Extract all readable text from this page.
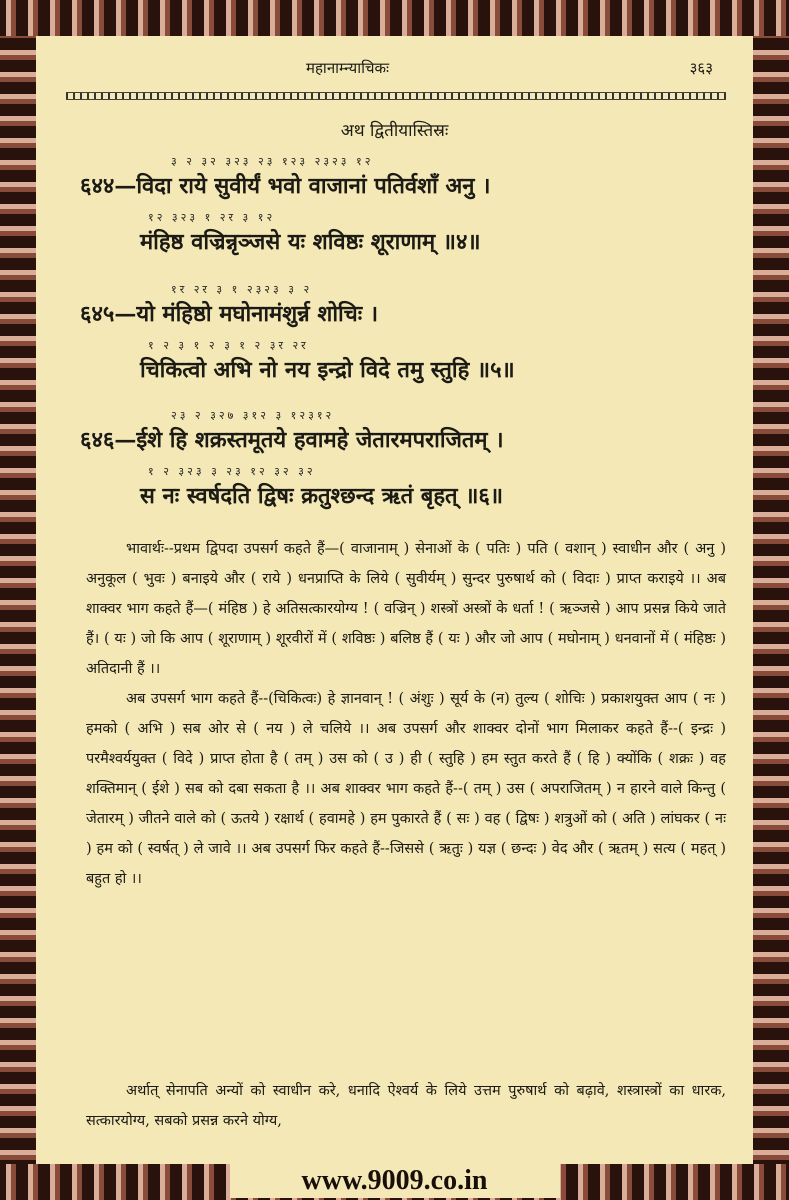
महानाम्न्याचिकः	३६३
अथ द्वितीयास्तिस्रः
३ २ ३२ ३२३ २३ १२३ २३२३ १२
६४४—विदा राये सुवीर्यं भवो वाजानां पतिर्वशाँ अनु ।
१२ ३२३ १ २र ३ १२
मंहिष्ठ वज्रिन्नृञ्जसे यः शविष्ठः शूराणाम् ॥४॥
१र २र ३ १ २३२३ ३ २
६४५—यो मंहिष्ठो मघोनामंशुर्न्न शोचिः ।
१ २ ३ १ २ ३ १ २ ३र २र
चिकित्वो अभि नो नय इन्द्रो विदे तमु स्तुहि ॥५॥
२३ २ ३२७ ३१२ ३ १२३१२
६४६—ईशे हि शक्रस्तमूतये हवामहे जेतारमपराजितम् ।
१ २ ३२३ ३ २३ १२ ३२ ३२
स नः स्वर्षदति द्विषः क्रतुश्छन्द ऋतं बृहत् ॥६॥

भावार्थः--प्रथम द्विपदा उपसर्ग कहते हैं—( वाजानाम् ) सेनाओं के ( पतिः ) पति ( वशान् ) स्वाधीन और ( अनु ) अनुकूल ( भुवः ) बनाइये और ( राये ) धनप्राप्ति के लिये ( सुवीर्यम् ) सुन्दर पुरुषार्थ को ( विदाः ) प्राप्त कराइये ।। अब शाक्वर भाग कहते हैं—( मंहिष्ठ ) हे अतिसत्कारयोग्य ! ( वज्रिन् ) शस्त्रों अस्त्रों के धर्ता ! ( ऋञ्जसे ) आप प्रसन्न किये जाते हैं। ( यः ) जो कि आप ( शूराणाम् ) शूरवीरों में ( शविष्ठः ) बलिष्ठ हैं ( यः ) और जो आप ( मघोनाम् ) धनवानों में ( मंहिष्ठः ) अतिदानी हैं ।।

अब उपसर्ग भाग कहते हैं--(चिकित्वः) हे ज्ञानवान् ! ( अंशुः ) सूर्य के (न) तुल्य ( शोचिः ) प्रकाशयुक्त आप ( नः ) हमको ( अभि ) सब ओर से ( नय ) ले चलिये ।। अब उपसर्ग और शाक्वर दोनों भाग मिलाकर कहते हैं--( इन्द्रः ) परमैश्वर्ययुक्त ( विदे ) प्राप्त होता है ( तम् ) उस को ( उ ) ही ( स्तुहि ) हम स्तुत करते हैं ( हि ) क्योंकि ( शक्रः ) वह शक्तिमान् ( ईशे ) सब को दबा सकता है ।। अब शाक्वर भाग कहते हैं--( तम् ) उस ( अपराजितम् ) न हारने वाले किन्तु ( जेतारम् ) जीतने वाले को ( ऊतये ) रक्षार्थ ( हवामहे ) हम पुकारते हैं ( सः ) वह ( द्विषः ) शत्रुओं को ( अति ) लांघकर ( नः ) हम को ( स्वर्षत् ) ले जावे ।। अब उपसर्ग फिर कहते हैं--जिससे ( ऋतुः ) यज्ञ ( छन्दः ) वेद और ( ऋतम् ) सत्य ( महत् ) बहुत हो ।।

अर्थात् सेनापति अन्यों को स्वाधीन करे, धनादि ऐश्वर्य के लिये उत्तम पुरुषार्थ को बढ़ावे, शस्त्रास्त्रों का धारक, सत्कारयोग्य, सबको प्रसन्न करने योग्य,

www.9009.co.in
